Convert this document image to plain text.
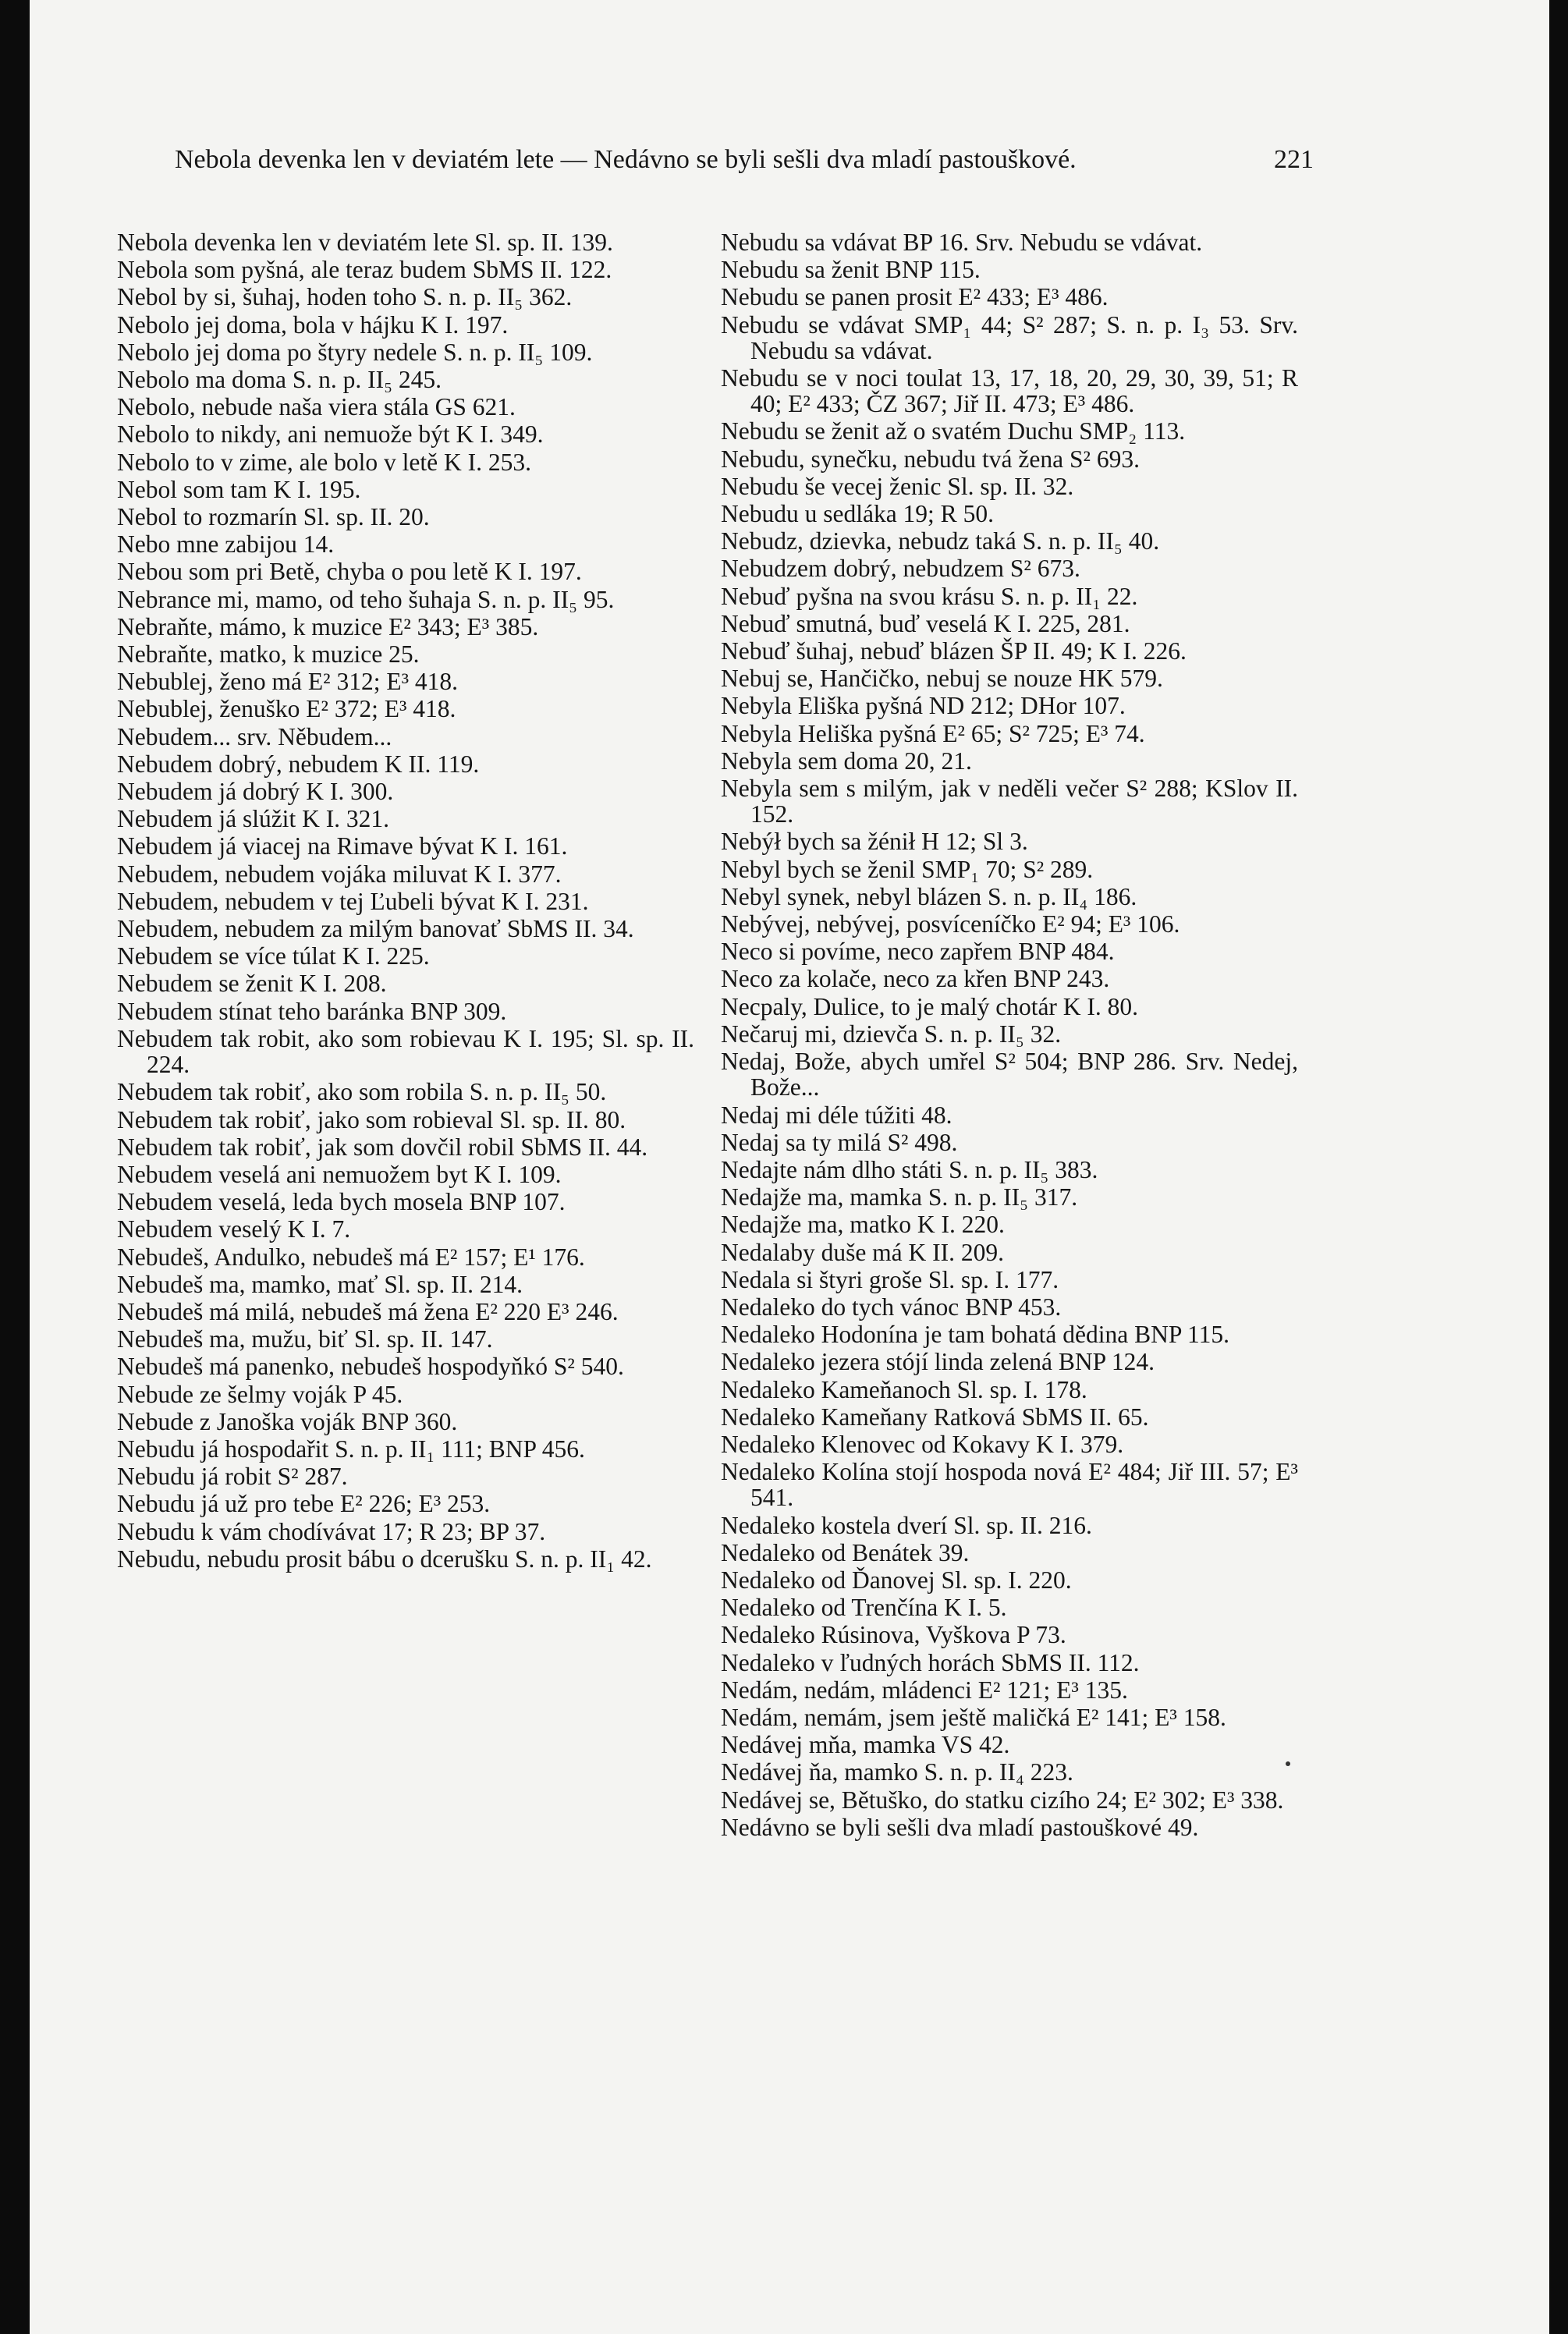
Nebola devenka len v deviatém lete — Nedávno se byli sešli dva mladí pastouškové.	221

Nebola devenka len v deviatém lete Sl. sp. II. 139.

Nebola som pyšná, ale teraz budem SbMS II. 122.

Nebol by si, šuhaj, hoden toho S. n. p. II₅ 362.

Nebolo jej doma, bola v hájku K I. 197.

Nebolo jej doma po štyry nedele S. n. p. II₅ 109.

Nebolo ma doma S. n. p. II₅ 245.

Nebolo, nebude naša viera stála GS 621.

Nebolo to nikdy, ani nemuože být K I. 349.

Nebolo to v zime, ale bolo v letě K I. 253.

Nebol som tam K I. 195.

Nebol to rozmarín Sl. sp. II. 20.

Nebo mne zabijou 14.

Nebou som pri Betě, chyba o pou letě K I. 197.

Nebrance mi, mamo, od teho šuhaja S. n. p. II₅ 95.

Nebraňte, mámo, k muzice E² 343; E³ 385.

Nebraňte, matko, k muzice 25.

Nebublej, ženo má E² 312; E³ 418.

Nebublej, ženuško E² 372; E³ 418.

Nebudem... srv. Něbudem...

Nebudem dobrý, nebudem K II. 119.

Nebudem já dobrý K I. 300.

Nebudem já slúžit K I. 321.

Nebudem já viacej na Rimave bývat K I. 161.

Nebudem, nebudem vojáka miluvat K I. 377.

Nebudem, nebudem v tej Ľubeli bývat K I. 231.

Nebudem, nebudem za milým banovať SbMS II. 34.

Nebudem se více túlat K I. 225.

Nebudem se ženit K I. 208.

Nebudem stínat teho baránka BNP 309.

Nebudem tak robit, ako som robievau K I. 195; Sl. sp. II. 224.

Nebudem tak robiť, ako som robila S. n. p. II₅ 50.

Nebudem tak robiť, jako som robieval Sl. sp. II. 80.

Nebudem tak robiť, jak som dovčil robil SbMS II. 44.

Nebudem veselá ani nemuožem byt K I. 109.

Nebudem veselá, leda bych mosela BNP 107.

Nebudem veselý K I. 7.

Nebudeš, Andulko, nebudeš má E² 157; E¹ 176.

Nebudeš ma, mamko, mať Sl. sp. II. 214.

Nebudeš má milá, nebudeš má žena E² 220 E³ 246.

Nebudeš ma, mužu, biť Sl. sp. II. 147.

Nebudeš má panenko, nebudeš hospodyňkó S² 540.

Nebude ze šelmy voják P 45.

Nebude z Janoška voják BNP 360.

Nebudu já hospodařit S. n. p. II₁ 111; BNP 456.

Nebudu já robit S² 287.

Nebudu já už pro tebe E² 226; E³ 253.

Nebudu k vám chodívávat 17; R 23; BP 37.

Nebudu, nebudu prosit bábu o dcerušku S. n. p. II₁ 42.

Nebudu sa vdávat BP 16. Srv. Nebudu se vdávat.

Nebudu sa ženit BNP 115.

Nebudu se panen prosit E² 433; E³ 486.

Nebudu se vdávat SMP₁ 44; S² 287; S. n. p. I₃ 53. Srv. Nebudu sa vdávat.

Nebudu se v noci toulat 13, 17, 18, 20, 29, 30, 39, 51; R 40; E² 433; ČZ 367; Jiř II. 473; E³ 486.

Nebudu se ženit až o svatém Duchu SMP₂ 113.

Nebudu, synečku, nebudu tvá žena S² 693.

Nebudu še vecej ženic Sl. sp. II. 32.

Nebudu u sedláka 19; R 50.

Nebudz, dzievka, nebudz taká S. n. p. II₅ 40.

Nebudzem dobrý, nebudzem S² 673.

Nebuď pyšna na svou krásu S. n. p. II₁ 22.

Nebuď smutná, buď veselá K I. 225, 281.

Nebuď šuhaj, nebuď blázen ŠP II. 49; K I. 226.

Nebuj se, Hančičko, nebuj se nouze HK 579.

Nebyla Eliška pyšná ND 212; DHor 107.

Nebyla Heliška pyšná E² 65; S² 725; E³ 74.

Nebyla sem doma 20, 21.

Nebyla sem s milým, jak v neděli večer S² 288; KSlov II. 152.

Nebýł bych sa žénił H 12; Sl 3.

Nebyl bych se ženil SMP₁ 70; S² 289.

Nebyl synek, nebyl blázen S. n. p. II₄ 186.

Nebývej, nebývej, posvíceníčko E² 94; E³ 106.

Neco si povíme, neco zapřem BNP 484.

Neco za kolače, neco za křen BNP 243.

Necpaly, Dulice, to je malý chotár K I. 80.

Nečaruj mi, dzievča S. n. p. II₅ 32.

Nedaj, Bože, abych umřel S² 504; BNP 286. Srv. Nedej, Bože...

Nedaj mi déle túžiti 48.

Nedaj sa ty milá S² 498.

Nedajte nám dlho státi S. n. p. II₅ 383.

Nedajže ma, mamka S. n. p. II₅ 317.

Nedajže ma, matko K I. 220.

Nedalaby duše má K II. 209.

Nedala si štyri groše Sl. sp. I. 177.

Nedaleko do tych vánoc BNP 453.

Nedaleko Hodonína je tam bohatá dědina BNP 115.

Nedaleko jezera stójí linda zelená BNP 124.

Nedaleko Kameňanoch Sl. sp. I. 178.

Nedaleko Kameňany Ratková SbMS II. 65.

Nedaleko Klenovec od Kokavy K I. 379.

Nedaleko Kolína stojí hospoda nová E² 484; Jiř III. 57; E³ 541.

Nedaleko kostela dverí Sl. sp. II. 216.

Nedaleko od Benátek 39.

Nedaleko od Ďanovej Sl. sp. I. 220.

Nedaleko od Trenčína K I. 5.

Nedaleko Rúsinova, Vyškova P 73.

Nedaleko v ľudných horách SbMS II. 112.

Nedám, nedám, mládenci E² 121; E³ 135.

Nedám, nemám, jsem ještě maličká E² 141; E³ 158.

Nedávej mňa, mamka VS 42.

Nedávej ňa, mamko S. n. p. II₄ 223.

Nedávej se, Bětuško, do statku cizího 24; E² 302; E³ 338.

Nedávno se byli sešli dva mladí pastouškové 49.
